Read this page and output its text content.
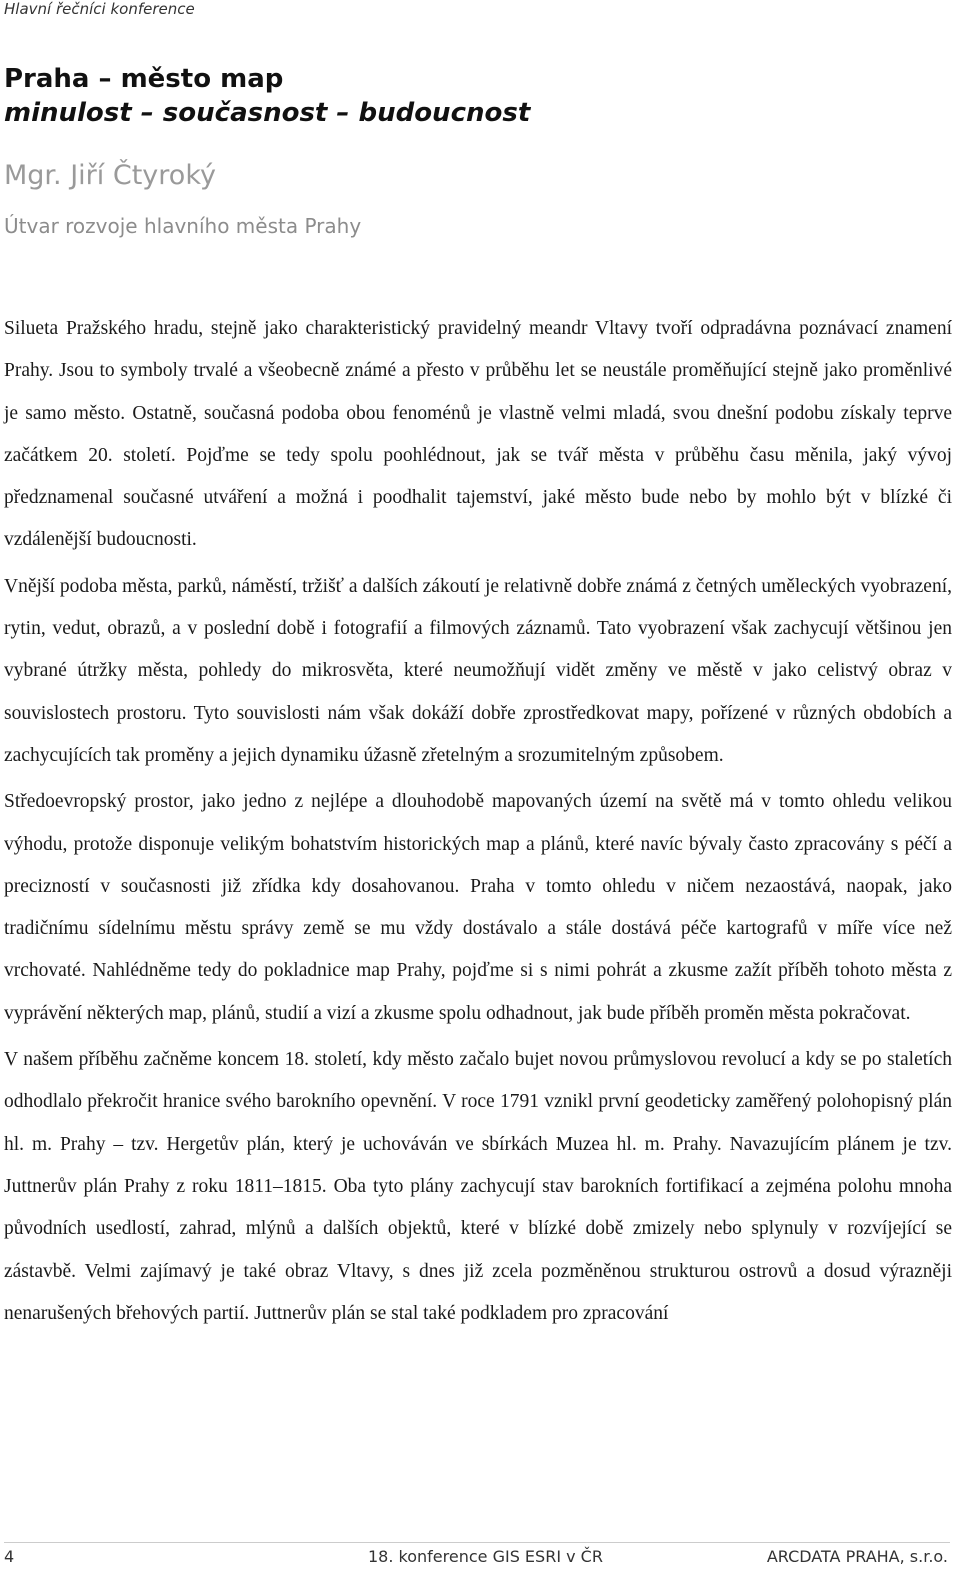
Hlavní řečníci konference
Praha – město map
minulost – současnost – budoucnost
Mgr. Jiří Čtyroký
Útvar rozvoje hlavního města Prahy

Silueta Pražského hradu, stejně jako charakteristický pravidelný meandr Vltavy tvoří odpradávna poznávací znamení Prahy. Jsou to symboly trvalé a všeobecně známé a přesto v průběhu let se neustále proměňující stejně jako proměnlivé je samo město. Ostatně, současná podoba obou fenoménů je vlastně velmi mladá, svou dnešní podobu získaly teprve začátkem 20. století. Pojďme se tedy spolu poohlédnout, jak se tvář města v průběhu času měnila, jaký vývoj předznamenal současné utváření a možná i poodhalit tajemství, jaké město bude nebo by mohlo být v blízké či vzdálenější budoucnosti.

Vnější podoba města, parků, náměstí, tržišť a dalších zákoutí je relativně dobře známá z četných uměleckých vyobrazení, rytin, vedut, obrazů, a v poslední době i fotografií a filmových záznamů. Tato vyobrazení však zachycují většinou jen vybrané útržky města, pohledy do mikrosvěta, které neumožňují vidět změny ve městě v jako celistvý obraz v souvislostech prostoru. Tyto souvislosti nám však dokáží dobře zprostředkovat mapy, pořízené v různých obdobích a zachycujících tak proměny a jejich dynamiku úžasně zřetelným a srozumitelným způsobem.

Středoevropský prostor, jako jedno z nejlépe a dlouhodobě mapovaných území na světě má v tomto ohledu velikou výhodu, protože disponuje velikým bohatstvím historických map a plánů, které navíc bývaly často zpracovány s péčí a precizností v současnosti již zřídka kdy dosahovanou. Praha v tomto ohledu v ničem nezaostává, naopak, jako tradičnímu sídelnímu městu správy země se mu vždy dostávalo a stále dostává péče kartografů v míře více než vrchovaté. Nahlédněme tedy do pokladnice map Prahy, pojďme si s nimi pohrát a zkusme zažít příběh tohoto města z vyprávění některých map, plánů, studií a vizí a zkusme spolu odhadnout, jak bude příběh proměn města pokračovat.

V našem příběhu začněme koncem 18. století, kdy město začalo bujet novou průmyslovou revolucí a kdy se po staletích odhodlalo překročit hranice svého barokního opevnění. V roce 1791 vznikl první geodeticky zaměřený polohopisný plán hl. m. Prahy – tzv. Hergetův plán, který je uchováván ve sbírkách Muzea hl. m. Prahy. Navazujícím plánem je tzv. Juttnerův plán Prahy z roku 1811–1815. Oba tyto plány zachycují stav barokních fortifikací a zejména polohu mnoha původních usedlostí, zahrad, mlýnů a dalších objektů, které v blízké době zmizely nebo splynuly v rozvíjející se zástavbě. Velmi zajímavý je také obraz Vltavy, s dnes již zcela pozměněnou strukturou ostrovů a dosud výrazněji nenarušených břehových partií. Juttnerův plán se stal také podkladem pro zpracování

4	18. konference GIS ESRI v ČR	ARCDATA PRAHA, s.r.o.
